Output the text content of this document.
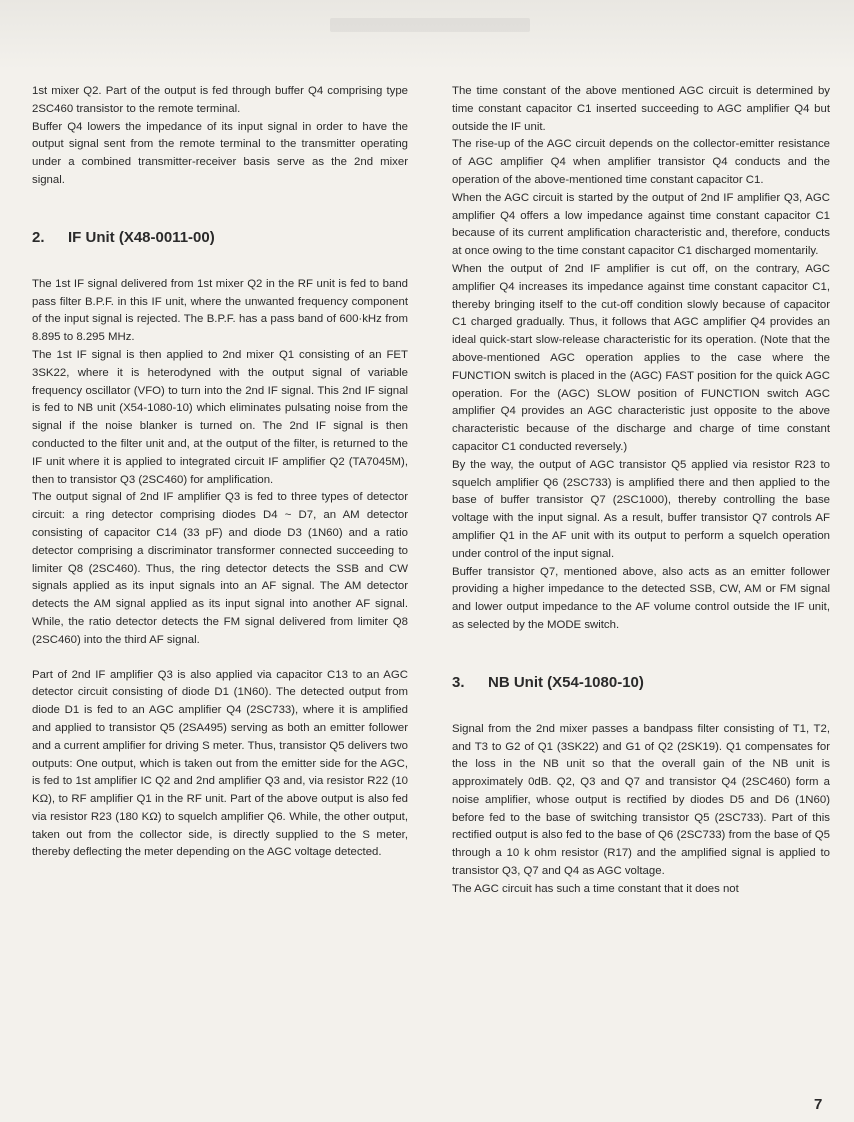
1st mixer Q2. Part of the output is fed through buffer Q4 comprising type 2SC460 transistor to the remote terminal.

Buffer Q4 lowers the impedance of its input signal in order to have the output signal sent from the remote terminal to the transmitter operating under a combined transmitter-receiver basis serve as the 2nd mixer signal.

2. IF Unit (X48-0011-00)

The 1st IF signal delivered from 1st mixer Q2 in the RF unit is fed to band pass filter B.P.F. in this IF unit, where the unwanted frequency component of the input signal is rejected. The B.P.F. has a pass band of 600·kHz from 8.895 to 8.295 MHz.

The 1st IF signal is then applied to 2nd mixer Q1 consisting of an FET 3SK22, where it is heterodyned with the output signal of variable frequency oscillator (VFO) to turn into the 2nd IF signal. This 2nd IF signal is fed to NB unit (X54-1080-10) which eliminates pulsating noise from the signal if the noise blanker is turned on. The 2nd IF signal is then conducted to the filter unit and, at the output of the filter, is returned to the IF unit where it is applied to integrated circuit IF amplifier Q2 (TA7045M), then to transistor Q3 (2SC460) for amplification.

The output signal of 2nd IF amplifier Q3 is fed to three types of detector circuit: a ring detector comprising diodes D4 ~ D7, an AM detector consisting of capacitor C14 (33 pF) and diode D3 (1N60) and a ratio detector comprising a discriminator transformer connected succeeding to limiter Q8 (2SC460). Thus, the ring detector detects the SSB and CW signals applied as its input signals into an AF signal. The AM detector detects the AM signal applied as its input signal into another AF signal. While, the ratio detector detects the FM signal delivered from limiter Q8 (2SC460) into the third AF signal.

Part of 2nd IF amplifier Q3 is also applied via capacitor C13 to an AGC detector circuit consisting of diode D1 (1N60). The detected output from diode D1 is fed to an AGC amplifier Q4 (2SC733), where it is amplified and applied to transistor Q5 (2SA495) serving as both an emitter follower and a current amplifier for driving S meter. Thus, transistor Q5 delivers two outputs: One output, which is taken out from the emitter side for the AGC, is fed to 1st amplifier IC Q2 and 2nd amplifier Q3 and, via resistor R22 (10 KΩ), to RF amplifier Q1 in the RF unit. Part of the above output is also fed via resistor R23 (180 KΩ) to squelch amplifier Q6. While, the other output, taken out from the collector side, is directly supplied to the S meter, thereby deflecting the meter depending on the AGC voltage detected.

The time constant of the above mentioned AGC circuit is determined by time constant capacitor C1 inserted succeeding to AGC amplifier Q4 but outside the IF unit.

The rise-up of the AGC circuit depends on the collector-emitter resistance of AGC amplifier Q4 when amplifier transistor Q4 conducts and the operation of the above-mentioned time constant capacitor C1.

When the AGC circuit is started by the output of 2nd IF amplifier Q3, AGC amplifier Q4 offers a low impedance against time constant capacitor C1 because of its current amplification characteristic and, therefore, conducts at once owing to the time constant capacitor C1 discharged momentarily.

When the output of 2nd IF amplifier is cut off, on the contrary, AGC amplifier Q4 increases its impedance against time constant capacitor C1, thereby bringing itself to the cut-off condition slowly because of capacitor C1 charged gradually. Thus, it follows that AGC amplifier Q4 provides an ideal quick-start slow-release characteristic for its operation. (Note that the above-mentioned AGC operation applies to the case where the FUNCTION switch is placed in the (AGC) FAST position for the quick AGC operation. For the (AGC) SLOW position of FUNCTION switch AGC amplifier Q4 provides an AGC characteristic just opposite to the above characteristic because of the discharge and charge of time constant capacitor C1 conducted reversely.)

By the way, the output of AGC transistor Q5 applied via resistor R23 to squelch amplifier Q6 (2SC733) is amplified there and then applied to the base of buffer transistor Q7 (2SC1000), thereby controlling the base voltage with the input signal. As a result, buffer transistor Q7 controls AF amplifier Q1 in the AF unit with its output to perform a squelch operation under control of the input signal.

Buffer transistor Q7, mentioned above, also acts as an emitter follower providing a higher impedance to the detected SSB, CW, AM or FM signal and lower output impedance to the AF volume control outside the IF unit, as selected by the MODE switch.

3. NB Unit (X54-1080-10)

Signal from the 2nd mixer passes a bandpass filter consisting of T1, T2, and T3 to G2 of Q1 (3SK22) and G1 of Q2 (2SK19). Q1 compensates for the loss in the NB unit so that the overall gain of the NB unit is approximately 0dB. Q2, Q3 and Q7 and transistor Q4 (2SC460) form a noise amplifier, whose output is rectified by diodes D5 and D6 (1N60) before fed to the base of switching transistor Q5 (2SC733). Part of this rectified output is also fed to the base of Q6 (2SC733) from the base of Q5 through a 10 k ohm resistor (R17) and the amplified signal is applied to transistor Q3, Q7 and Q4 as AGC voltage.

The AGC circuit has such a time constant that it does not

7
